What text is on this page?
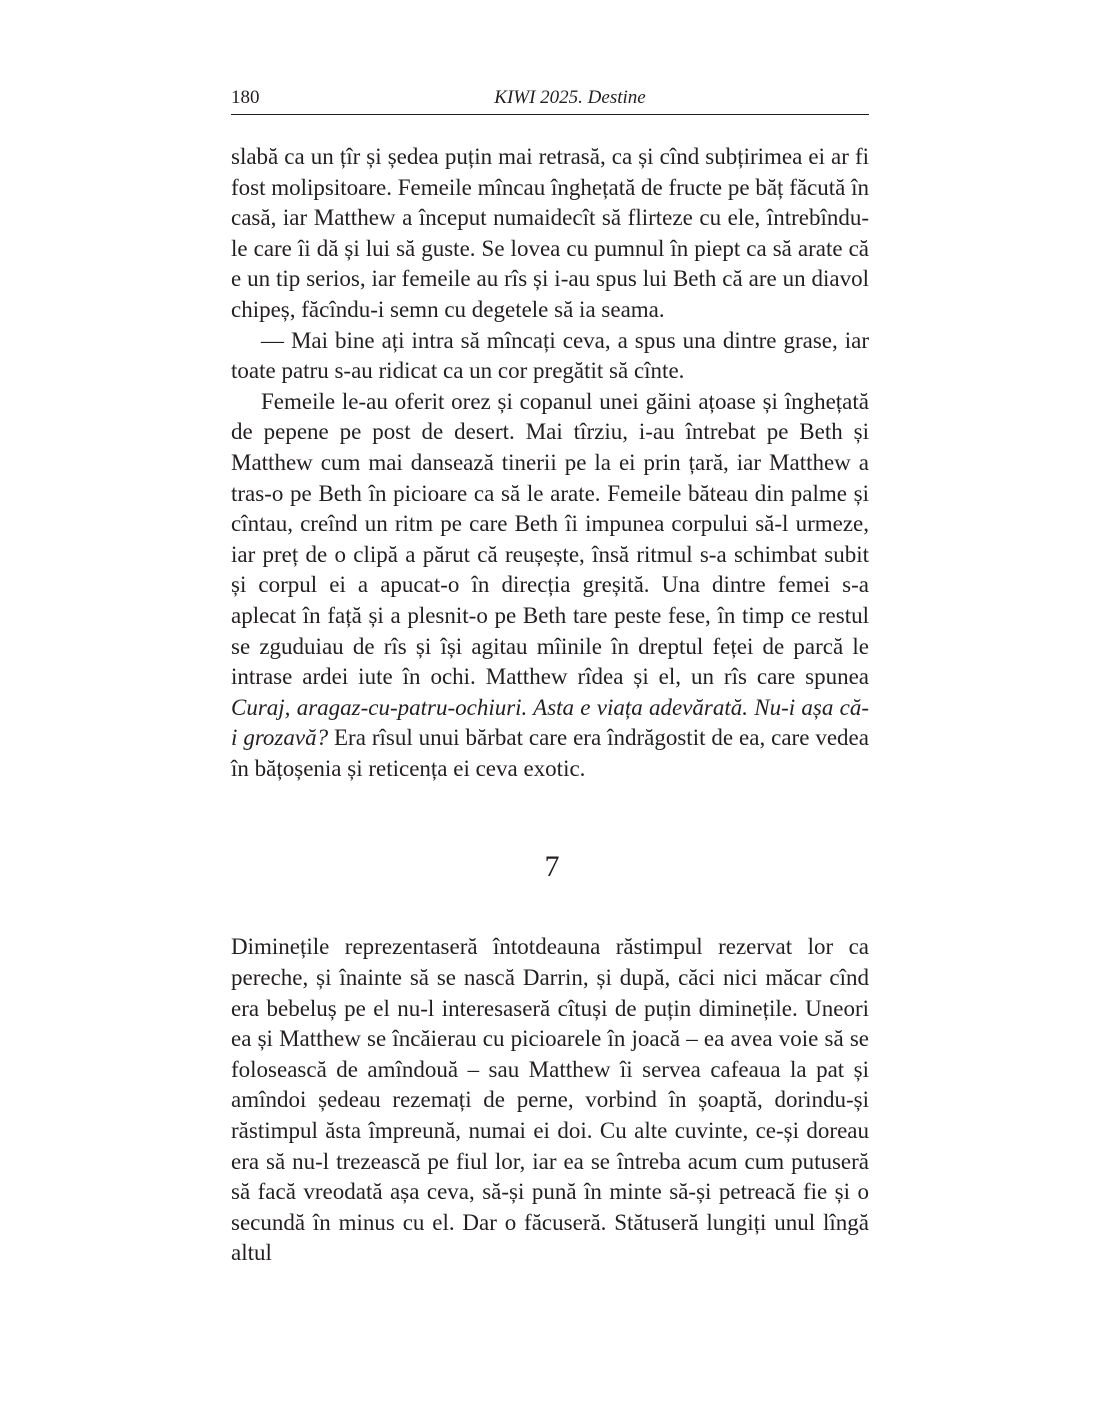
180	KIWI 2025. Destine

slabă ca un țîr și ședea puțin mai retrasă, ca și cînd subțirimea ei ar fi fost molipsitoare. Femeile mîncau înghețată de fructe pe băț făcută în casă, iar Matthew a început numaidecît să flirteze cu ele, întrebîndu-le care îi dă și lui să guste. Se lovea cu pumnul în piept ca să arate că e un tip serios, iar femeile au rîs și i-au spus lui Beth că are un diavol chipeș, făcîndu-i semn cu degetele să ia seama.

— Mai bine ați intra să mîncați ceva, a spus una dintre grase, iar toate patru s-au ridicat ca un cor pregătit să cînte.

Femeile le-au oferit orez și copanul unei găini ațoase și înghețată de pepene pe post de desert. Mai tîrziu, i-au întrebat pe Beth și Matthew cum mai dansează tinerii pe la ei prin țară, iar Matthew a tras-o pe Beth în picioare ca să le arate. Femeile băteau din palme și cîntau, creînd un ritm pe care Beth îi impunea corpului să-l urmeze, iar preț de o clipă a părut că reușește, însă ritmul s-a schimbat subit și corpul ei a apucat-o în direcția greșită. Una dintre femei s-a aplecat în față și a plesnit-o pe Beth tare peste fese, în timp ce restul se zguduiau de rîs și își agitau mîinile în dreptul feței de parcă le intrase ardei iute în ochi. Matthew rîdea și el, un rîs care spunea Curaj, aragaz-cu-patru-ochiuri. Asta e viața adevărată. Nu-i așa că-i grozavă? Era rîsul unui bărbat care era îndrăgostit de ea, care vedea în bățoșenia și reticența ei ceva exotic.

7

Diminețile reprezentaseră întotdeauna răstimpul rezervat lor ca pereche, și înainte să se nască Darrin, și după, căci nici măcar cînd era bebeluș pe el nu-l interesaseră cîtuși de puțin diminețile. Uneori ea și Matthew se încăierau cu picioarele în joacă – ea avea voie să se folosească de amîndouă – sau Matthew îi servea cafeaua la pat și amîndoi ședeau rezemați de perne, vorbind în șoaptă, dorindu-și răstimpul ăsta împreună, numai ei doi. Cu alte cuvinte, ce-și doreau era să nu-l trezească pe fiul lor, iar ea se întreba acum cum putuseră să facă vreodată așa ceva, să-și pună în minte să-și petreacă fie și o secundă în minus cu el. Dar o făcuseră. Stătuseră lungiți unul lîngă altul
